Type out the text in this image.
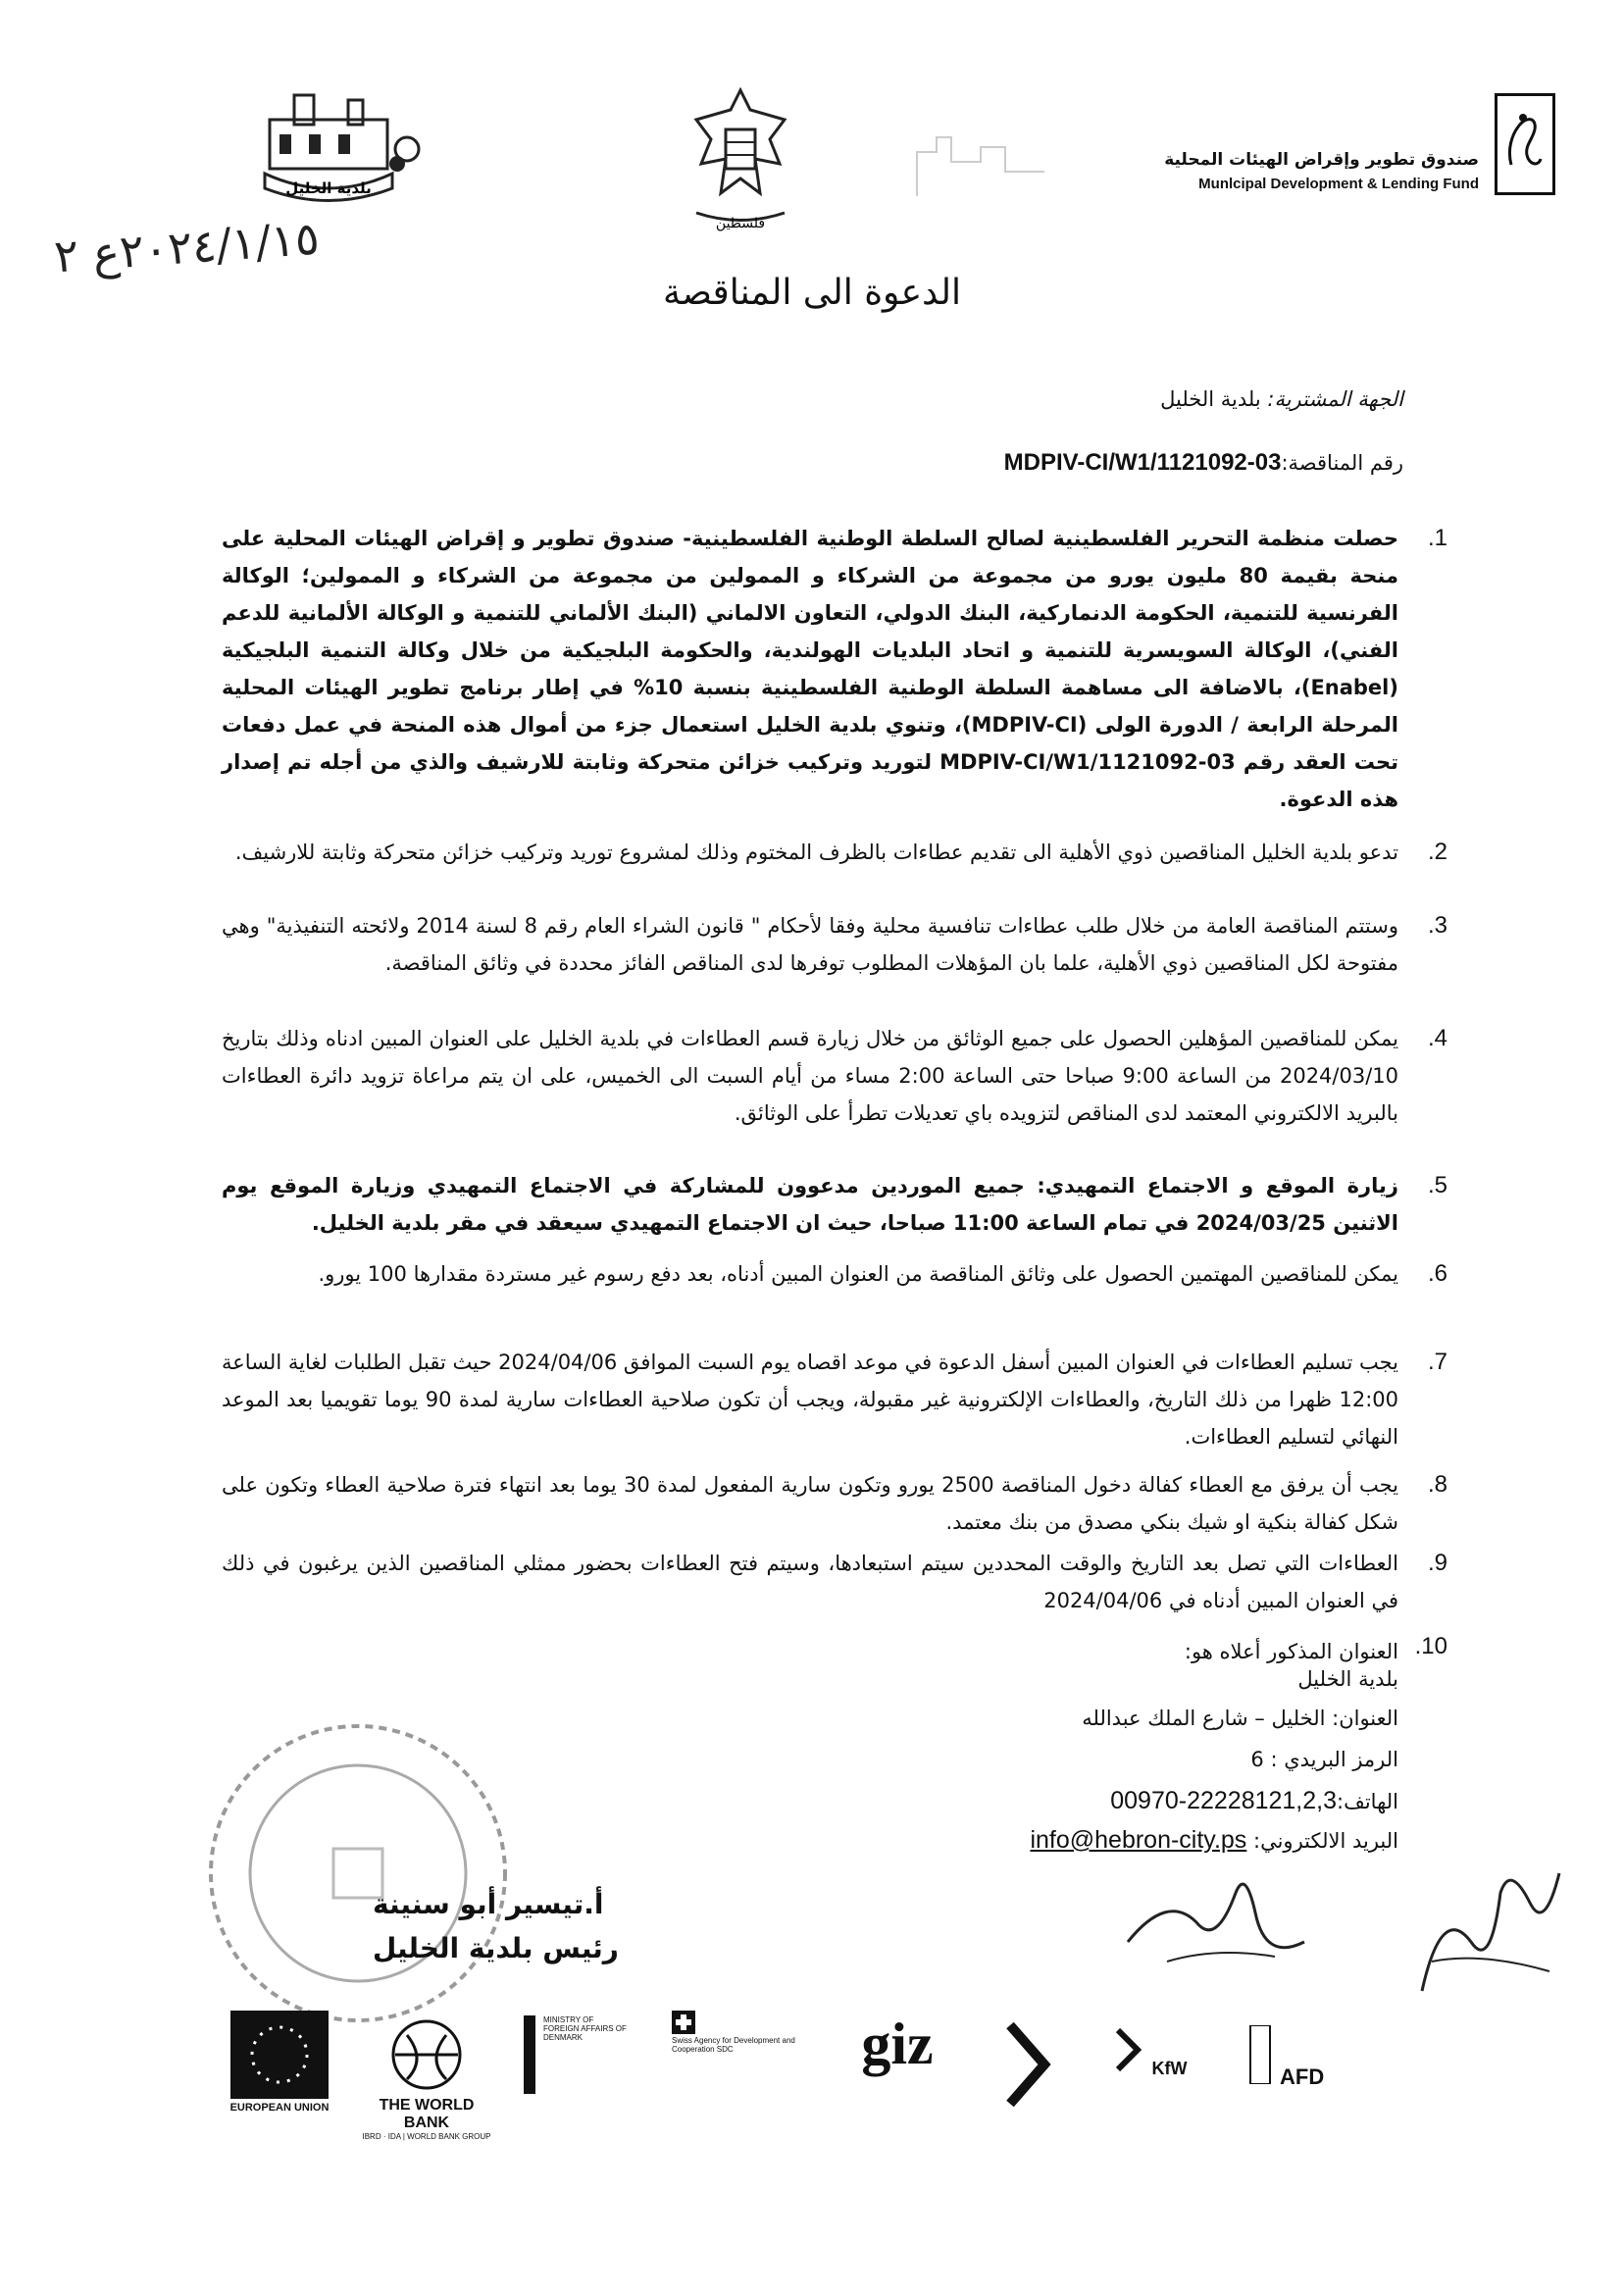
صندوق تطوير وإقراض الهيئات المحلية
Munlcipal Development & Lending Fund
فلسطين
بلدية الخليل
٢٠٢٤/١/١٥ع ٢
الدعوة الى المناقصة
الجهة المشترية: بلدية الخليل
رقم المناقصة:MDPIV-CI/W1/1121092-03
.1
حصلت منظمة التحرير الفلسطينية لصالح السلطة الوطنية الفلسطينية- صندوق تطوير و إقراض الهيئات المحلية على منحة بقيمة 80 مليون يورو من مجموعة من الشركاء و الممولين من مجموعة من الشركاء و الممولين؛ الوكالة الفرنسية للتنمية، الحكومة الدنماركية، البنك الدولي، التعاون الالماني (البنك الألماني للتنمية و الوكالة الألمانية للدعم الفني)، الوكالة السويسرية للتنمية و اتحاد البلديات الهولندية، والحكومة البلجيكية من خلال وكالة التنمية البلجيكية (Enabel)، بالاضافة الى مساهمة السلطة الوطنية الفلسطينية بنسبة 10% في إطار برنامج تطوير الهيئات المحلية المرحلة الرابعة / الدورة الولى (MDPIV-CI)، وتنوي بلدية الخليل استعمال جزء من أموال هذه المنحة في عمل دفعات تحت العقد رقم MDPIV-CI/W1/1121092-03 لتوريد وتركيب خزائن متحركة وثابتة للارشيف والذي من أجله تم إصدار هذه الدعوة.
.2
تدعو بلدية الخليل المناقصين ذوي الأهلية الى تقديم عطاءات بالظرف المختوم وذلك لمشروع توريد وتركيب خزائن متحركة وثابتة للارشيف.
.3
وستتم المناقصة العامة من خلال طلب عطاءات تنافسية محلية وفقا لأحكام " قانون الشراء العام رقم 8 لسنة 2014 ولائحته التنفيذية" وهي مفتوحة لكل المناقصين ذوي الأهلية، علما بان المؤهلات المطلوب توفرها لدى المناقص الفائز محددة في وثائق المناقصة.
.4
يمكن للمناقصين المؤهلين الحصول على جميع الوثائق من خلال زيارة قسم العطاءات في بلدية الخليل على العنوان المبين ادناه وذلك بتاريخ 2024/03/10 من الساعة 9:00 صباحا حتى الساعة 2:00 مساء من أيام السبت الى الخميس، على ان يتم مراعاة تزويد دائرة العطاءات بالبريد الالكتروني المعتمد لدى المناقص لتزويده باي تعديلات تطرأ على الوثائق.
.5
زيارة الموقع و الاجتماع التمهيدي: جميع الموردين مدعوون للمشاركة في الاجتماع التمهيدي وزيارة الموقع يوم الاثنين 2024/03/25 في تمام الساعة 11:00 صباحا، حيث ان الاجتماع التمهيدي سيعقد في مقر بلدية الخليل.
.6
يمكن للمناقصين المهتمين الحصول على وثائق المناقصة من العنوان المبين أدناه، بعد دفع رسوم غير مستردة مقدارها 100 يورو.
.7
يجب تسليم العطاءات في العنوان المبين أسفل الدعوة في موعد اقصاه يوم السبت الموافق 2024/04/06 حيث تقبل الطلبات لغاية الساعة 12:00 ظهرا من ذلك التاريخ، والعطاءات الإلكترونية غير مقبولة، ويجب أن تكون صلاحية العطاءات سارية لمدة 90 يوما تقويميا بعد الموعد النهائي لتسليم العطاءات.
.8
يجب أن يرفق مع العطاء كفالة دخول المناقصة 2500 يورو وتكون سارية المفعول لمدة 30 يوما بعد انتهاء فترة صلاحية العطاء وتكون على شكل كفالة بنكية او شيك بنكي مصدق من بنك معتمد.
.9
العطاءات التي تصل بعد التاريخ والوقت المحددين سيتم استبعادها، وسيتم فتح العطاءات بحضور ممثلي المناقصين الذين يرغبون في ذلك في العنوان المبين أدناه في 2024/04/06
.10
العنوان المذكور أعلاه هو:
بلدية الخليل
العنوان: الخليل – شارع الملك عبدالله
الرمز البريدي : 6
الهاتف:00970-22228121,2,3
البريد الالكتروني: info@hebron-city.ps
أ.تيسير أبو سنينة
رئيس بلدية الخليل
EUROPEAN UNION	THE WORLD BANK
IBRD · IDA | WORLD BANK GROUP
MINISTRY OF FOREIGN AFFAIRS OF DENMARK	Swiss Agency for Development and Cooperation SDC	giz	KfW	AFD
